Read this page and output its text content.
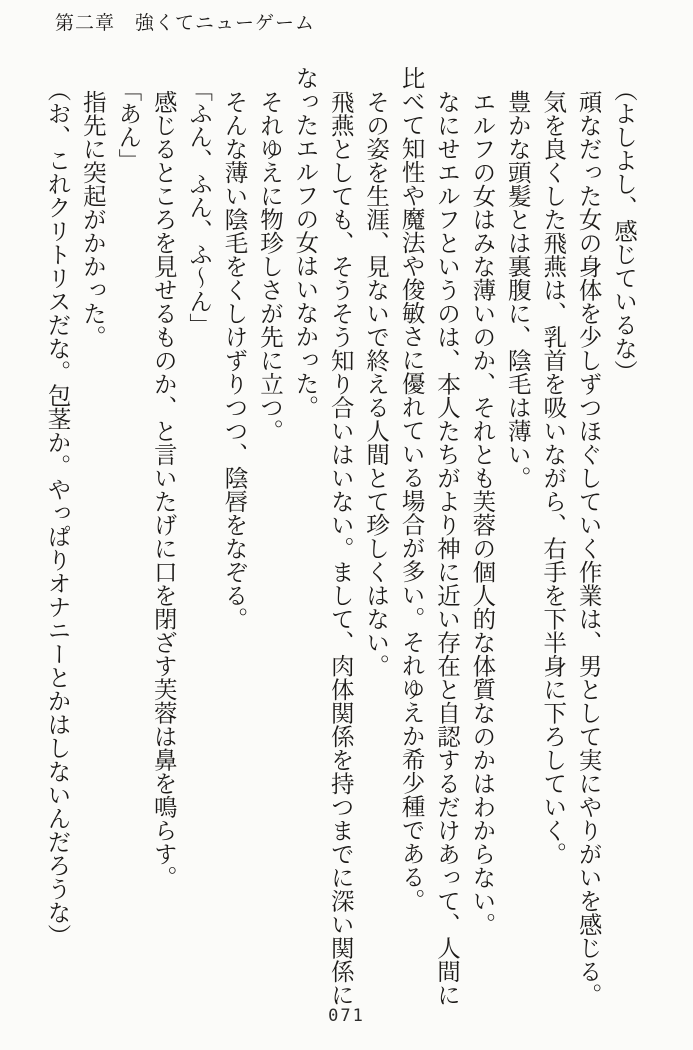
第二章　強くてニューゲーム

（よしよし、感じているな）

頑なだった女の身体を少しずつほぐしていく作業は、男として実にやりがいを感じる。

気を良くした飛燕は、乳首を吸いながら、右手を下半身に下ろしていく。

豊かな頭髪とは裏腹に、陰毛は薄い。

エルフの女はみな薄いのか、それとも芙蓉の個人的な体質なのかはわからない。

なにせエルフというのは、本人たちがより神に近い存在と自認するだけあって、人間に

比べて知性や魔法や俊敏さに優れている場合が多い。それゆえか希少種である。

その姿を生涯、見ないで終える人間とて珍しくはない。

飛燕としても、そうそう知り合いはいない。まして、肉体関係を持つまでに深い関係に

なったエルフの女はいなかった。

それゆえに物珍しさが先に立つ。

そんな薄い陰毛をくしけずりつつ、陰唇をなぞる。

「ふん、ふん、ふ〜ん」

感じるところを見せるものか、と言いたげに口を閉ざす芙蓉は鼻を鳴らす。

「あん」

指先に突起がかかった。

（お、これクリトリスだな。包茎か。やっぱりオナニーとかはしないんだろうな）

071
